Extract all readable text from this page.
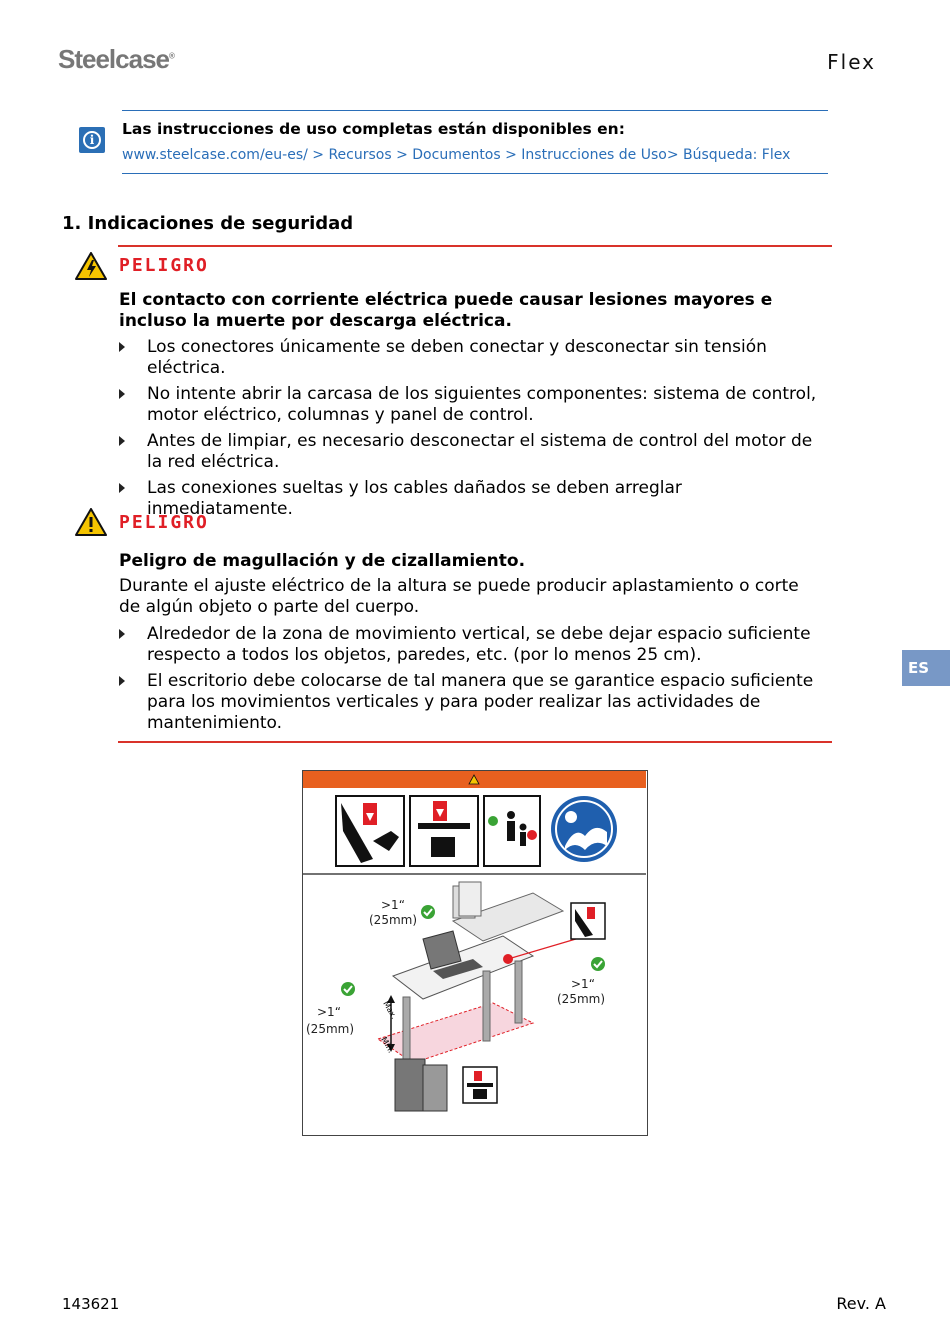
Steelcase®	Flex
i
Las instrucciones de uso completas están disponibles en:
www.steelcase.com/eu-es/ > Recursos > Documentos > Instrucciones de Uso> Búsqueda: Flex
1. Indicaciones de seguridad
PELIGRO
El contacto con corriente eléctrica puede causar lesiones mayores e incluso la muerte por descarga eléctrica.
Los conectores únicamente se deben conectar y desconectar sin tensión eléctrica.
No intente abrir la carcasa de los siguientes componentes: sistema de control, motor eléctrico, columnas y panel de control.
Antes de limpiar, es necesario desconectar el sistema de control del motor de la red eléctrica.
Las conexiones sueltas y los cables dañados se deben arreglar inmediatamente.
PELIGRO
Peligro de magullación y de cizallamiento.
Durante el ajuste eléctrico de la altura se puede producir aplastamiento o corte de algún objeto o parte del cuerpo.
Alrededor de la zona de movimiento vertical, se debe dejar espacio suficiente respecto a todos los objetos, paredes, etc. (por lo menos 25 cm).
El escritorio debe colocarse de tal manera que se garantice espacio suficiente para los movimientos verticales y para poder realizar las actividades de mantenimiento.
ES
Max.
Min.
>1“
(25mm)
>1“
(25mm)
>1“
(25mm)
143621	Rev. A
